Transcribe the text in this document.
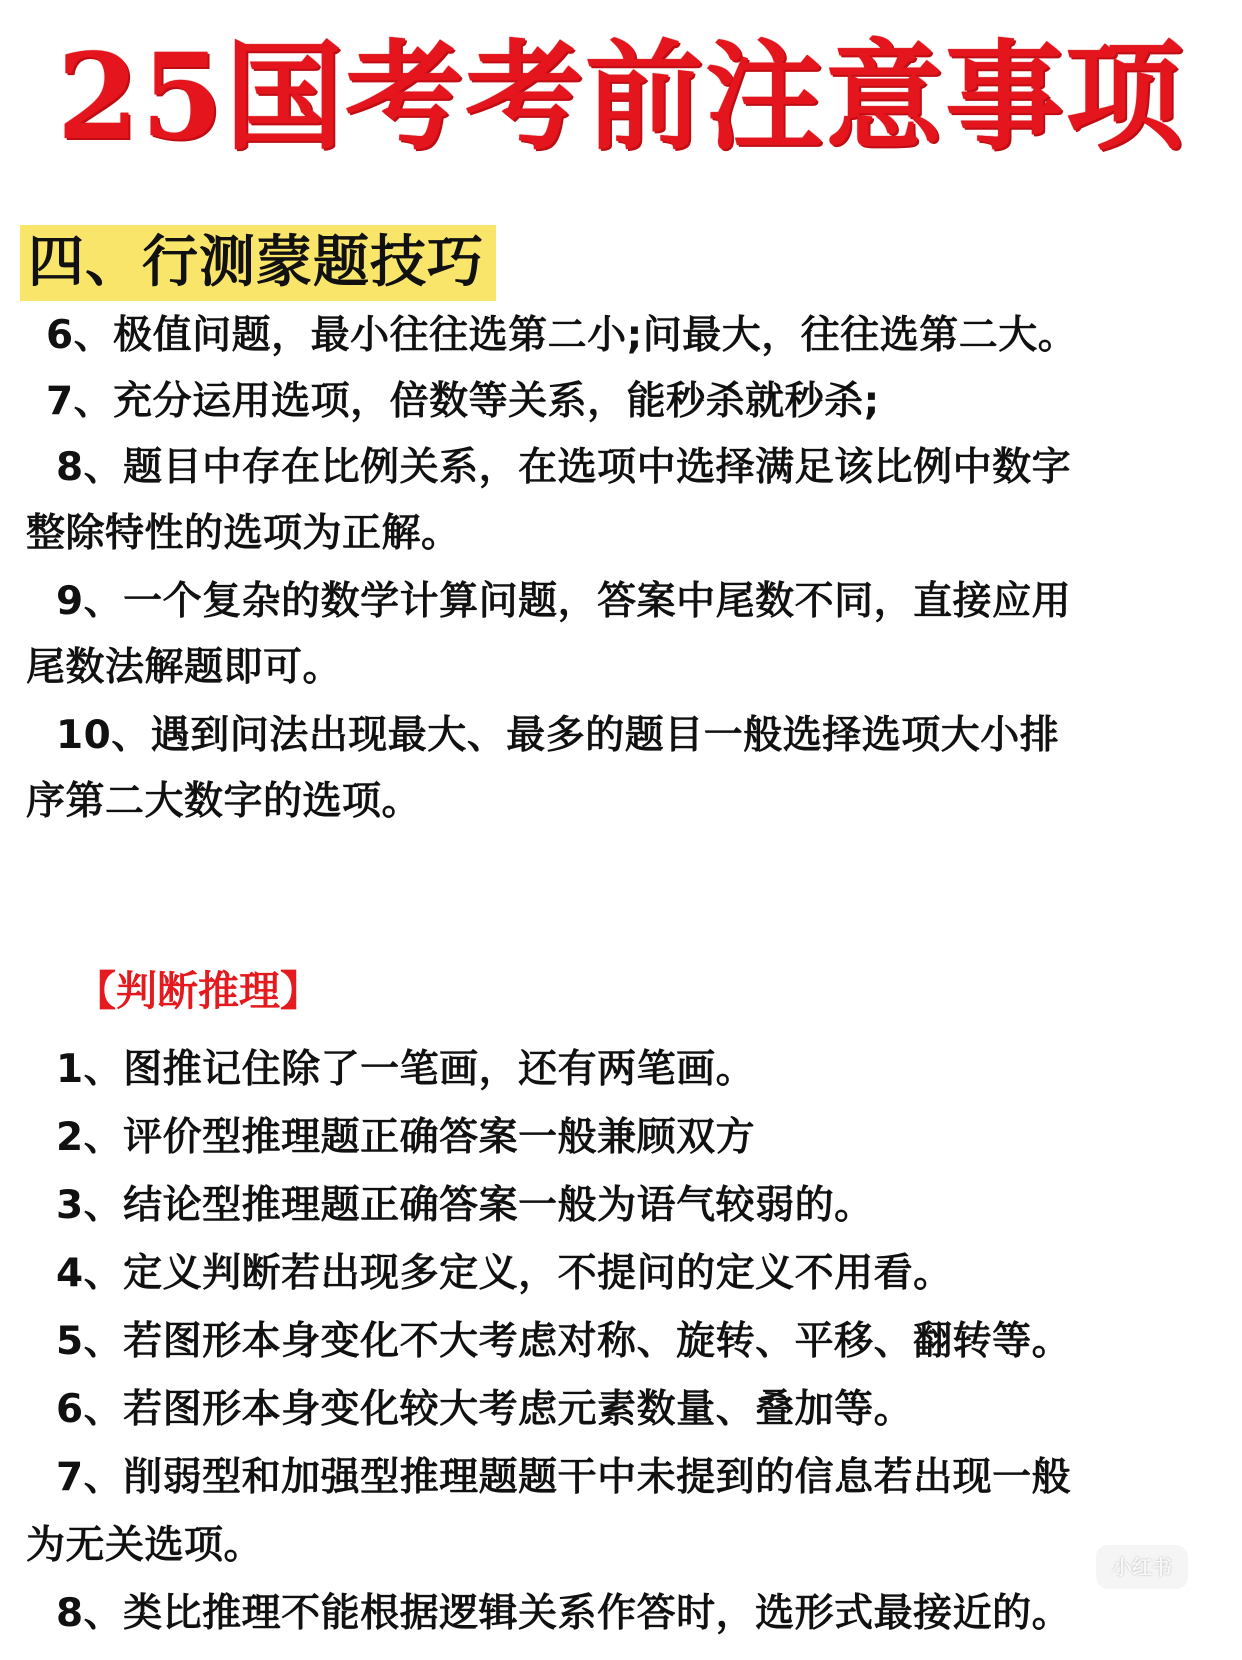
25国考考前注意事项
四、行测蒙题技巧
6、极值问题，最小往往选第二小;问最大，往往选第二大。
7、充分运用选项，倍数等关系，能秒杀就秒杀;
8、题目中存在比例关系，在选项中选择满足该比例中数字
整除特性的选项为正解。
9、一个复杂的数学计算问题，答案中尾数不同，直接应用
尾数法解题即可。
10、遇到问法出现最大、最多的题目一般选择选项大小排
序第二大数字的选项。
【判断推理】
1、图推记住除了一笔画，还有两笔画。
2、评价型推理题正确答案一般兼顾双方
3、结论型推理题正确答案一般为语气较弱的。
4、定义判断若出现多定义，不提问的定义不用看。
5、若图形本身变化不大考虑对称、旋转、平移、翻转等。
6、若图形本身变化较大考虑元素数量、叠加等。
7、削弱型和加强型推理题题干中未提到的信息若出现一般
为无关选项。
8、类比推理不能根据逻辑关系作答时，选形式最接近的。
小红书
